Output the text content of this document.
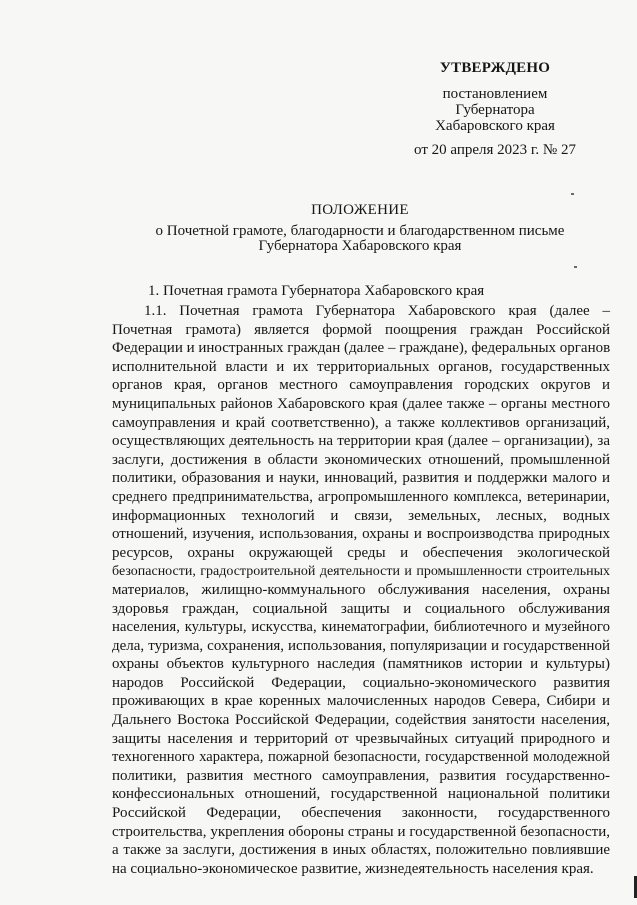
УТВЕРЖДЕНО
постановлением
Губернатора
Хабаровского края
от 20 апреля 2023 г. № 27
ПОЛОЖЕНИЕ
о Почетной грамоте, благодарности и благодарственном письме
Губернатора Хабаровского края
1. Почетная грамота Губернатора Хабаровского края
1.1. Почетная грамота Губернатора Хабаровского края (далее –
Почетная грамота) является формой поощрения граждан Российской
Федерации и иностранных граждан (далее – граждане), федеральных органов
исполнительной власти и их территориальных органов, государственных
органов края, органов местного самоуправления городских округов и
муниципальных районов Хабаровского края (далее также – органы местного
самоуправления и край соответственно), а также коллективов организаций,
осуществляющих деятельность на территории края (далее – организации), за
заслуги, достижения в области экономических отношений, промышленной
политики, образования и науки, инноваций, развития и поддержки малого и
среднего предпринимательства, агропромышленного комплекса, ветеринарии,
информационных технологий и связи, земельных, лесных, водных
отношений, изучения, использования, охраны и воспроизводства природных
ресурсов, охраны окружающей среды и обеспечения экологической
безопасности, градостроительной деятельности и промышленности строительных
материалов, жилищно-коммунального обслуживания населения, охраны
здоровья граждан, социальной защиты и социального обслуживания
населения, культуры, искусства, кинематографии, библиотечного и музейного
дела, туризма, сохранения, использования, популяризации и государственной
охраны объектов культурного наследия (памятников истории и культуры)
народов Российской Федерации, социально-экономического развития
проживающих в крае коренных малочисленных народов Севера, Сибири и
Дальнего Востока Российской Федерации, содействия занятости населения,
защиты населения и территорий от чрезвычайных ситуаций природного и
техногенного характера, пожарной безопасности, государственной молодежной
политики, развития местного самоуправления, развития государственно-
конфессиональных отношений, государственной национальной политики
Российской Федерации, обеспечения законности, государственного
строительства, укрепления обороны страны и государственной безопасности,
а также за заслуги, достижения в иных областях, положительно повлиявшие
на социально-экономическое развитие, жизнедеятельность населения края.
